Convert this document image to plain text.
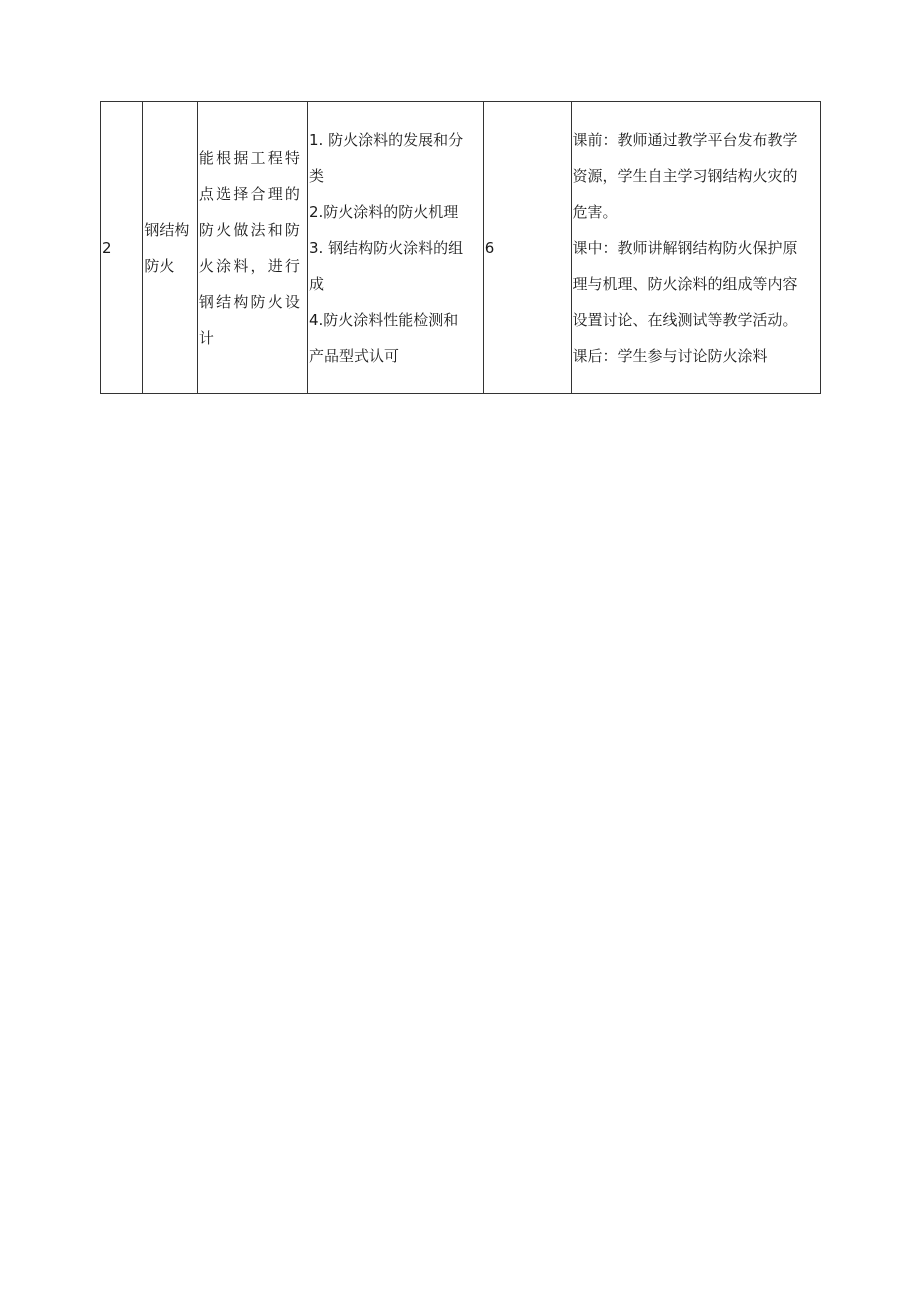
2

钢结构
防火

能根据工程特
点选择合理的
防火做法和防
火涂料，进行
钢结构防火设
计

1. 防火涂料的发展和分
类
2.防火涂料的防火机理
3. 钢结构防火涂料的组
成
4.防火涂料性能检测和
产品型式认可

6

课前：教师通过教学平台发布教学
资源，学生自主学习钢结构火灾的
危害。
课中：教师讲解钢结构防火保护原
理与机理、防火涂料的组成等内容
设置讨论、在线测试等教学活动。
课后：学生参与讨论防火涂料
